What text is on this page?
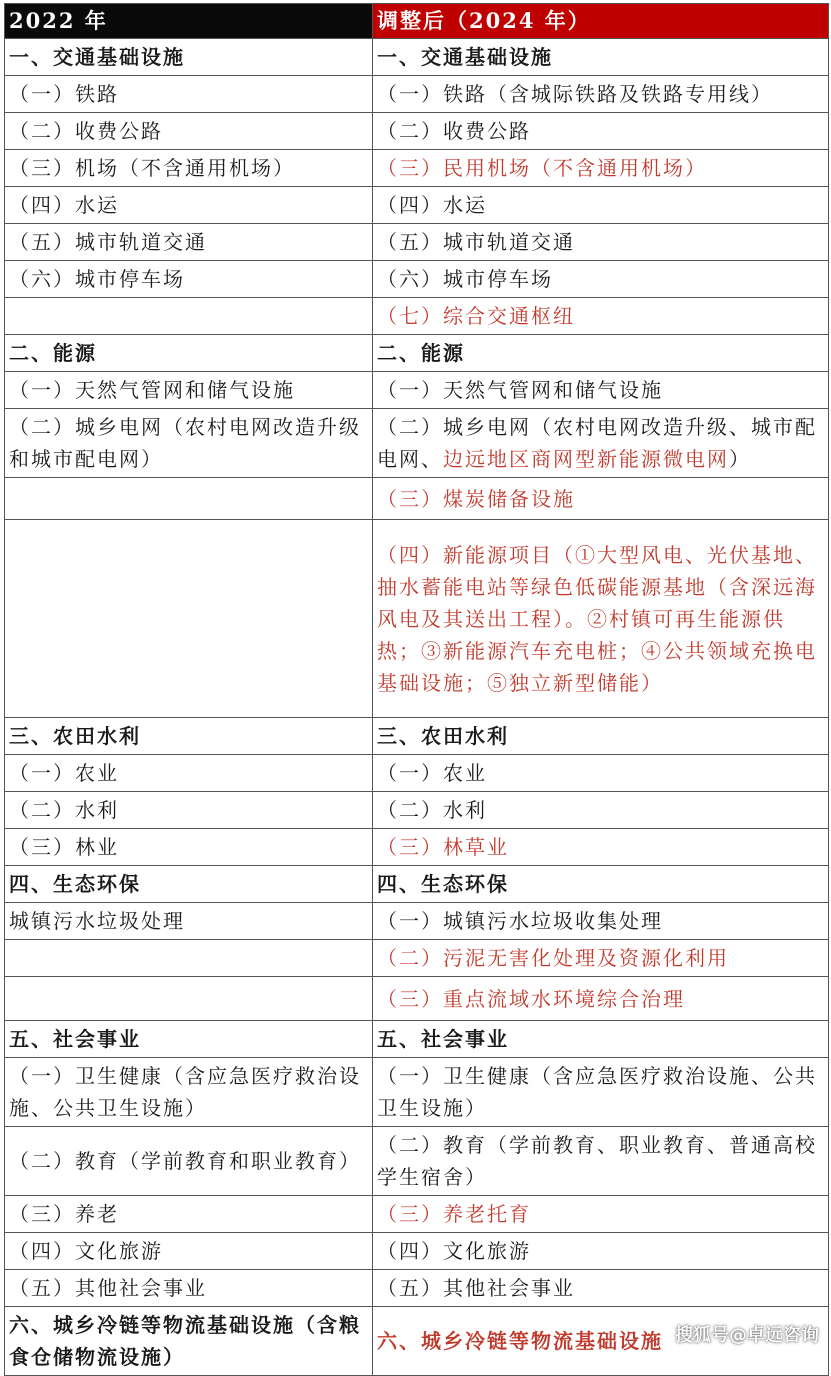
2022 年	调整后（2024 年）
一、交通基础设施	一、交通基础设施
（一）铁路	（一）铁路（含城际铁路及铁路专用线）
（二）收费公路	（二）收费公路
（三）机场（不含通用机场）	（三）民用机场（不含通用机场）
（四）水运	（四）水运
（五）城市轨道交通	（五）城市轨道交通
（六）城市停车场	（六）城市停车场
	（七）综合交通枢纽
二、能源	二、能源
（一）天然气管网和储气设施	（一）天然气管网和储气设施
（二）城乡电网（农村电网改造升级和城市配电网）	（二）城乡电网（农村电网改造升级、城市配电网、边远地区商网型新能源微电网）
	（三）煤炭储备设施
	（四）新能源项目（①大型风电、光伏基地、抽水蓄能电站等绿色低碳能源基地（含深远海风电及其送出工程）。②村镇可再生能源供热；③新能源汽车充电桩；④公共领域充换电基础设施；⑤独立新型储能）
三、农田水利	三、农田水利
（一）农业	（一）农业
（二）水利	（二）水利
（三）林业	（三）林草业
四、生态环保	四、生态环保
城镇污水垃圾处理	（一）城镇污水垃圾收集处理
	（二）污泥无害化处理及资源化利用
	（三）重点流域水环境综合治理
五、社会事业	五、社会事业
（一）卫生健康（含应急医疗救治设施、公共卫生设施）	（一）卫生健康（含应急医疗救治设施、公共卫生设施）
（二）教育（学前教育和职业教育）	（二）教育（学前教育、职业教育、普通高校学生宿舍）
（三）养老	（三）养老托育
（四）文化旅游	（四）文化旅游
（五）其他社会事业	（五）其他社会事业
六、城乡冷链等物流基础设施（含粮食仓储物流设施）	六、城乡冷链等物流基础设施 搜狐号@卓远咨询
